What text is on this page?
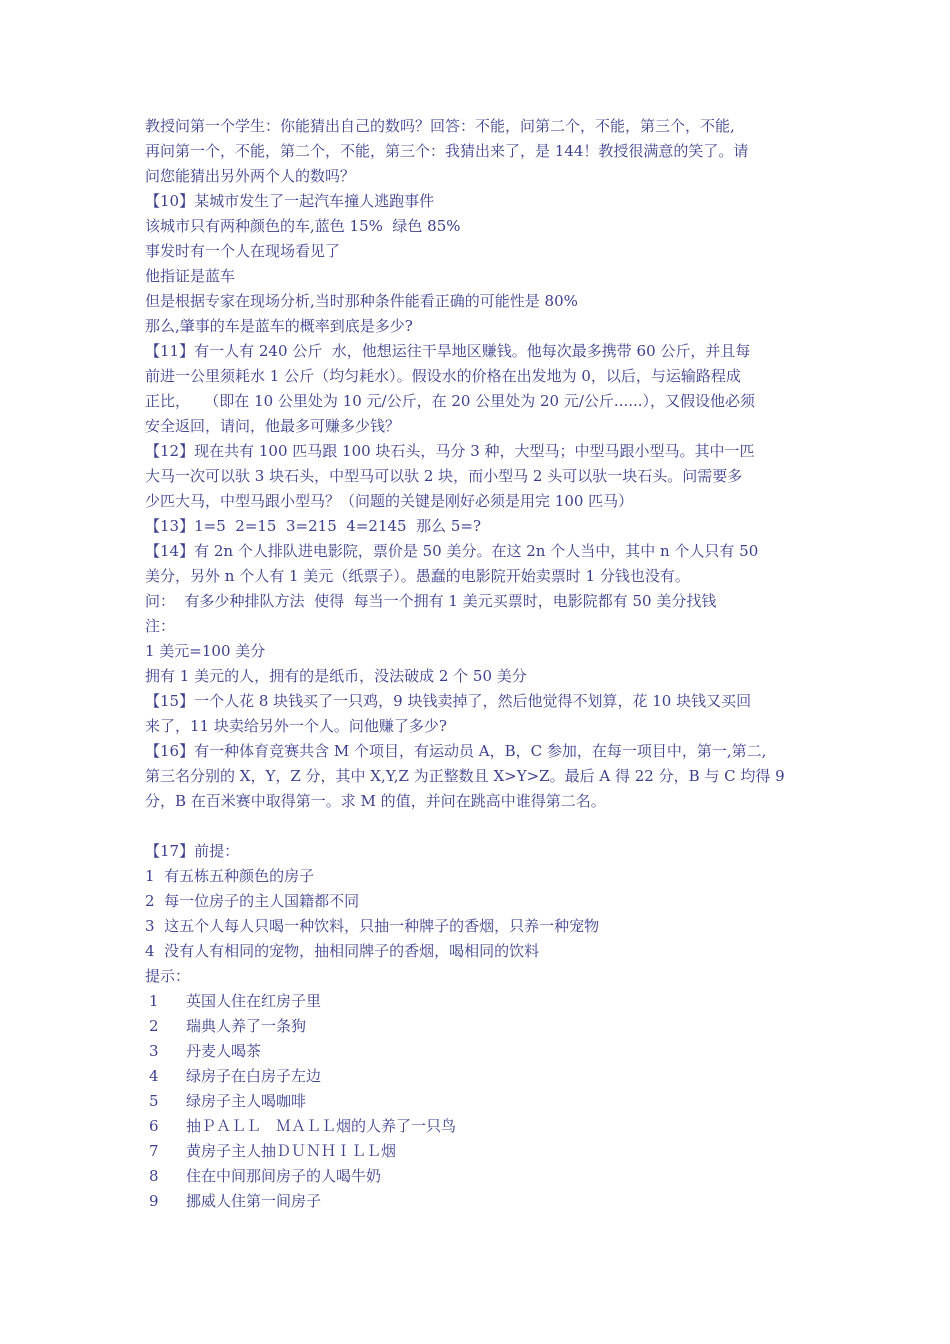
教授问第一个学生：你能猜出自己的数吗？回答：不能，问第二个，不能，第三个，不能,
再问第一个，不能，第二个，不能，第三个：我猜出来了，是 144！教授很满意的笑了。请
问您能猜出另外两个人的数吗？
【10】某城市发生了一起汽车撞人逃跑事件
该城市只有两种颜色的车,蓝色 15%  绿色 85%
事发时有一个人在现场看见了
他指证是蓝车
但是根据专家在现场分析,当时那种条件能看正确的可能性是 80%
那么,肇事的车是蓝车的概率到底是多少?
【11】有一人有 240 公斤  水，他想运往干旱地区赚钱。他每次最多携带 60 公斤，并且每
前进一公里须耗水 1 公斤（均匀耗水）。假设水的价格在出发地为 0，以后，与运输路程成
正比，   （即在 10 公里处为 10 元/公斤，在 20 公里处为 20 元/公斤......），又假设他必须
安全返回，请问，他最多可赚多少钱？
【12】现在共有 100 匹马跟 100 块石头，马分 3 种，大型马；中型马跟小型马。其中一匹
大马一次可以驮 3 块石头，中型马可以驮 2 块，而小型马 2 头可以驮一块石头。问需要多
少匹大马，中型马跟小型马？（问题的关键是刚好必须是用完 100 匹马）
【13】1=5  2=15  3=215  4=2145  那么 5=?
【14】有 2n 个人排队进电影院，票价是 50 美分。在这 2n 个人当中，其中 n 个人只有 50
美分，另外 n 个人有 1 美元（纸票子）。愚蠢的电影院开始卖票时 1 分钱也没有。
问：  有多少种排队方法  使得  每当一个拥有 1 美元买票时，电影院都有 50 美分找钱
注：
1 美元=100 美分
拥有 1 美元的人，拥有的是纸币，没法破成 2 个 50 美分
【15】一个人花 8 块钱买了一只鸡，9 块钱卖掉了，然后他觉得不划算，花 10 块钱又买回
来了，11 块卖给另外一个人。问他赚了多少?
【16】有一种体育竞赛共含 M 个项目，有运动员 A，B，C 参加，在每一项目中，第一,第二,
第三名分别的 X，Y，Z 分，其中 X,Y,Z 为正整数且 X>Y>Z。最后 A 得 22 分，B 与 C 均得 9
分，B 在百米赛中取得第一。求 M 的值，并问在跳高中谁得第二名。
【17】前提：
1  有五栋五种颜色的房子
2  每一位房子的主人国籍都不同
3  这五个人每人只喝一种饮料，只抽一种牌子的香烟，只养一种宠物
4  没有人有相同的宠物，抽相同牌子的香烟，喝相同的饮料
提示：
1	英国人住在红房子里
2	瑞典人养了一条狗
3	丹麦人喝茶
4	绿房子在白房子左边
5	绿房子主人喝咖啡
6	抽ＰＡＬＬ　ＭＡＬＬ烟的人养了一只鸟
7	黄房子主人抽ＤＵＮＨＩＬＬ烟
8	住在中间那间房子的人喝牛奶
9	挪威人住第一间房子
